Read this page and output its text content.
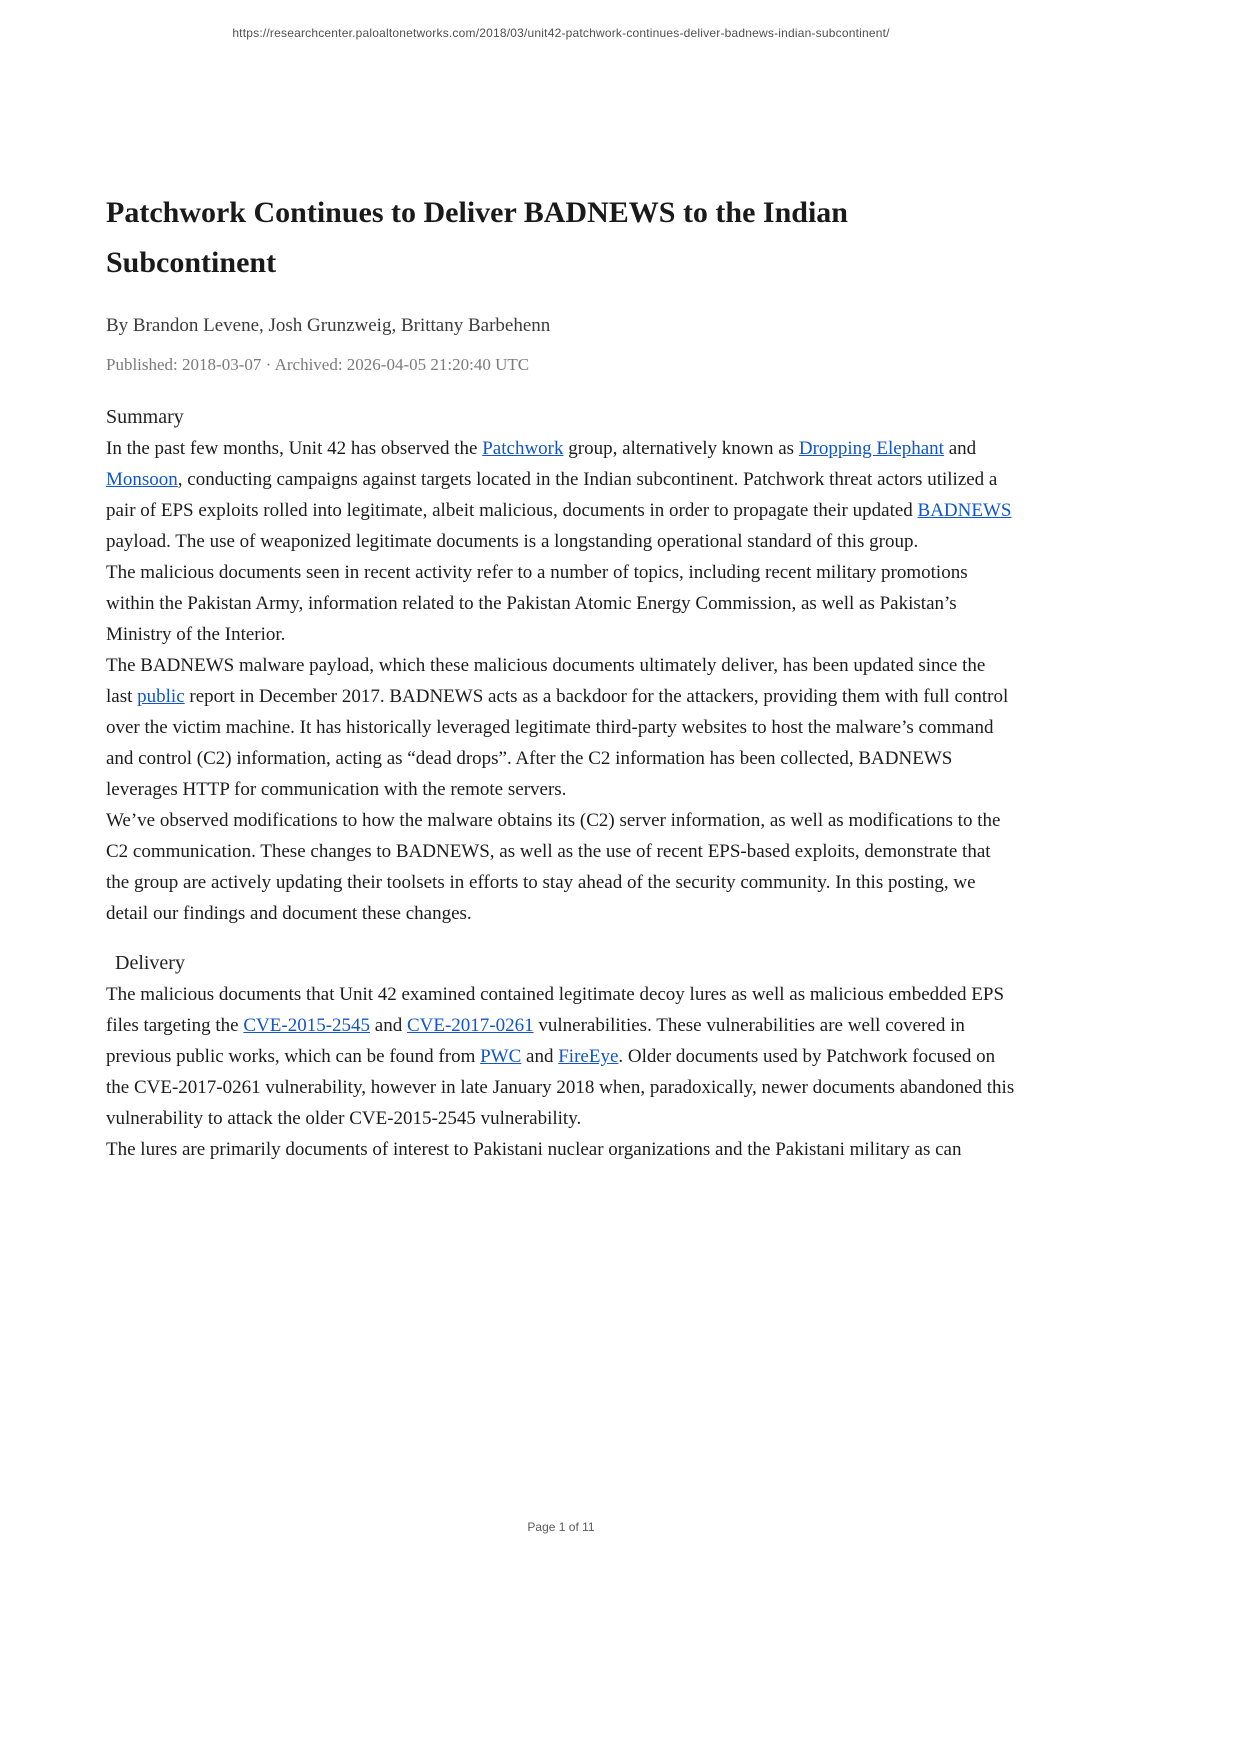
https://researchcenter.paloaltonetworks.com/2018/03/unit42-patchwork-continues-deliver-badnews-indian-subcontinent/
Patchwork Continues to Deliver BADNEWS to the Indian Subcontinent

By Brandon Levene, Josh Grunzweig, Brittany Barbehenn

Published: 2018-03-07 · Archived: 2026-04-05 21:20:40 UTC

Summary

In the past few months, Unit 42 has observed the Patchwork group, alternatively known as Dropping Elephant and Monsoon, conducting campaigns against targets located in the Indian subcontinent. Patchwork threat actors utilized a pair of EPS exploits rolled into legitimate, albeit malicious, documents in order to propagate their updated BADNEWS payload. The use of weaponized legitimate documents is a longstanding operational standard of this group.

The malicious documents seen in recent activity refer to a number of topics, including recent military promotions within the Pakistan Army, information related to the Pakistan Atomic Energy Commission, as well as Pakistan’s Ministry of the Interior.

The BADNEWS malware payload, which these malicious documents ultimately deliver, has been updated since the last public report in December 2017. BADNEWS acts as a backdoor for the attackers, providing them with full control over the victim machine. It has historically leveraged legitimate third-party websites to host the malware’s command and control (C2) information, acting as “dead drops”. After the C2 information has been collected, BADNEWS leverages HTTP for communication with the remote servers.

We’ve observed modifications to how the malware obtains its (C2) server information, as well as modifications to the C2 communication. These changes to BADNEWS, as well as the use of recent EPS-based exploits, demonstrate that the group are actively updating their toolsets in efforts to stay ahead of the security community. In this posting, we detail our findings and document these changes.

Delivery

The malicious documents that Unit 42 examined contained legitimate decoy lures as well as malicious embedded EPS files targeting the CVE-2015-2545 and CVE-2017-0261 vulnerabilities. These vulnerabilities are well covered in previous public works, which can be found from PWC and FireEye. Older documents used by Patchwork focused on the CVE-2017-0261 vulnerability, however in late January 2018 when, paradoxically, newer documents abandoned this vulnerability to attack the older CVE-2015-2545 vulnerability.

The lures are primarily documents of interest to Pakistani nuclear organizations and the Pakistani military as can

Page 1 of 11
